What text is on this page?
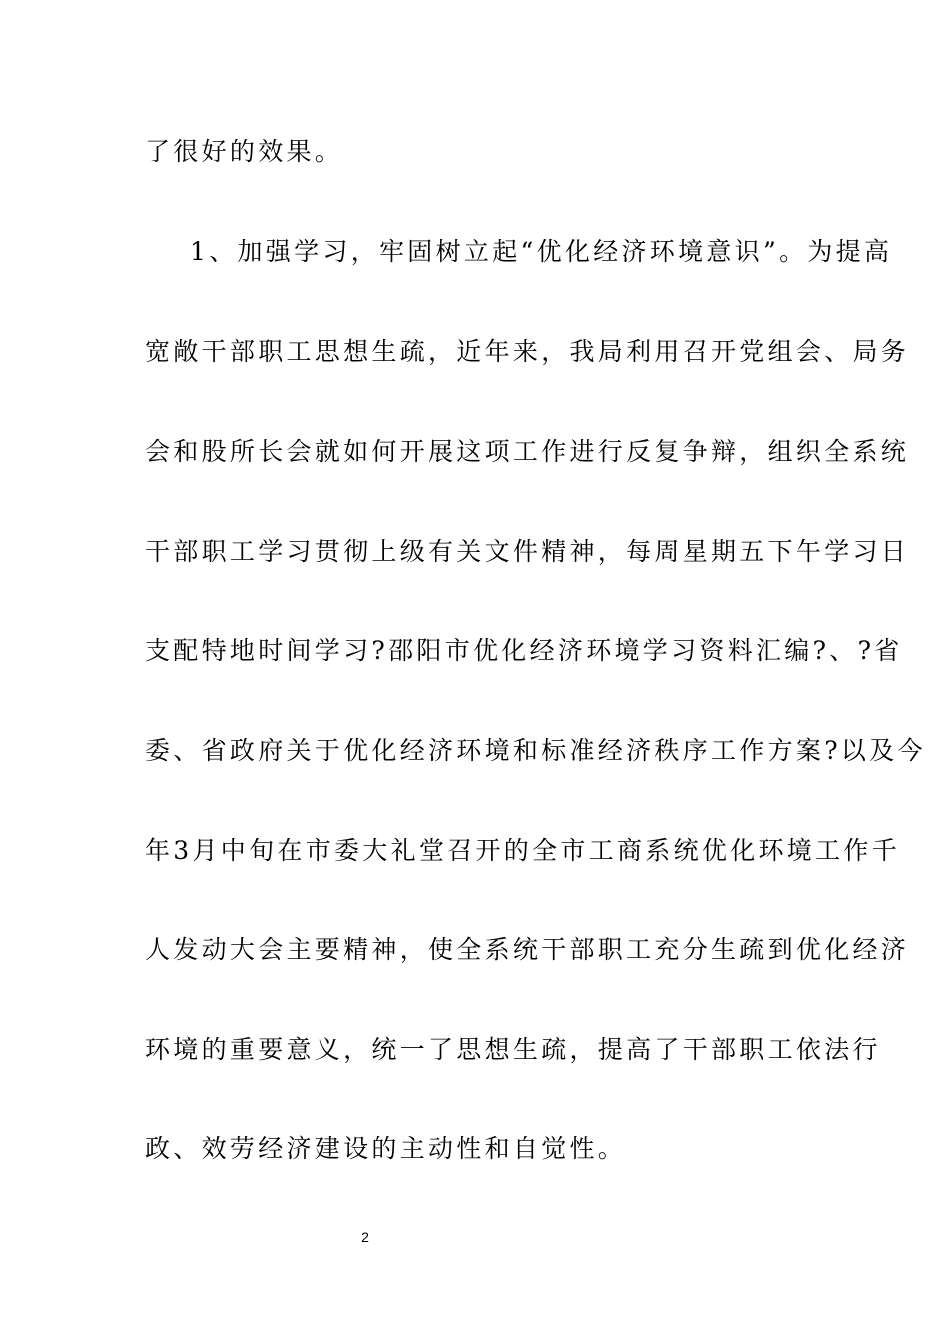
了很好的效果。
1、加强学习，牢固树立起“优化经济环境意识”。为提高
宽敞干部职工思想生疏，近年来，我局利用召开党组会、局务
会和股所长会就如何开展这项工作进行反复争辩，组织全系统
干部职工学习贯彻上级有关文件精神，每周星期五下午学习日
支配特地时间学习?邵阳市优化经济环境学习资料汇编?、?省
委、省政府关于优化经济环境和标准经济秩序工作方案?以及今
年3月中旬在市委大礼堂召开的全市工商系统优化环境工作千
人发动大会主要精神，使全系统干部职工充分生疏到优化经济
环境的重要意义，统一了思想生疏，提高了干部职工依法行
政、效劳经济建设的主动性和自觉性。
2
